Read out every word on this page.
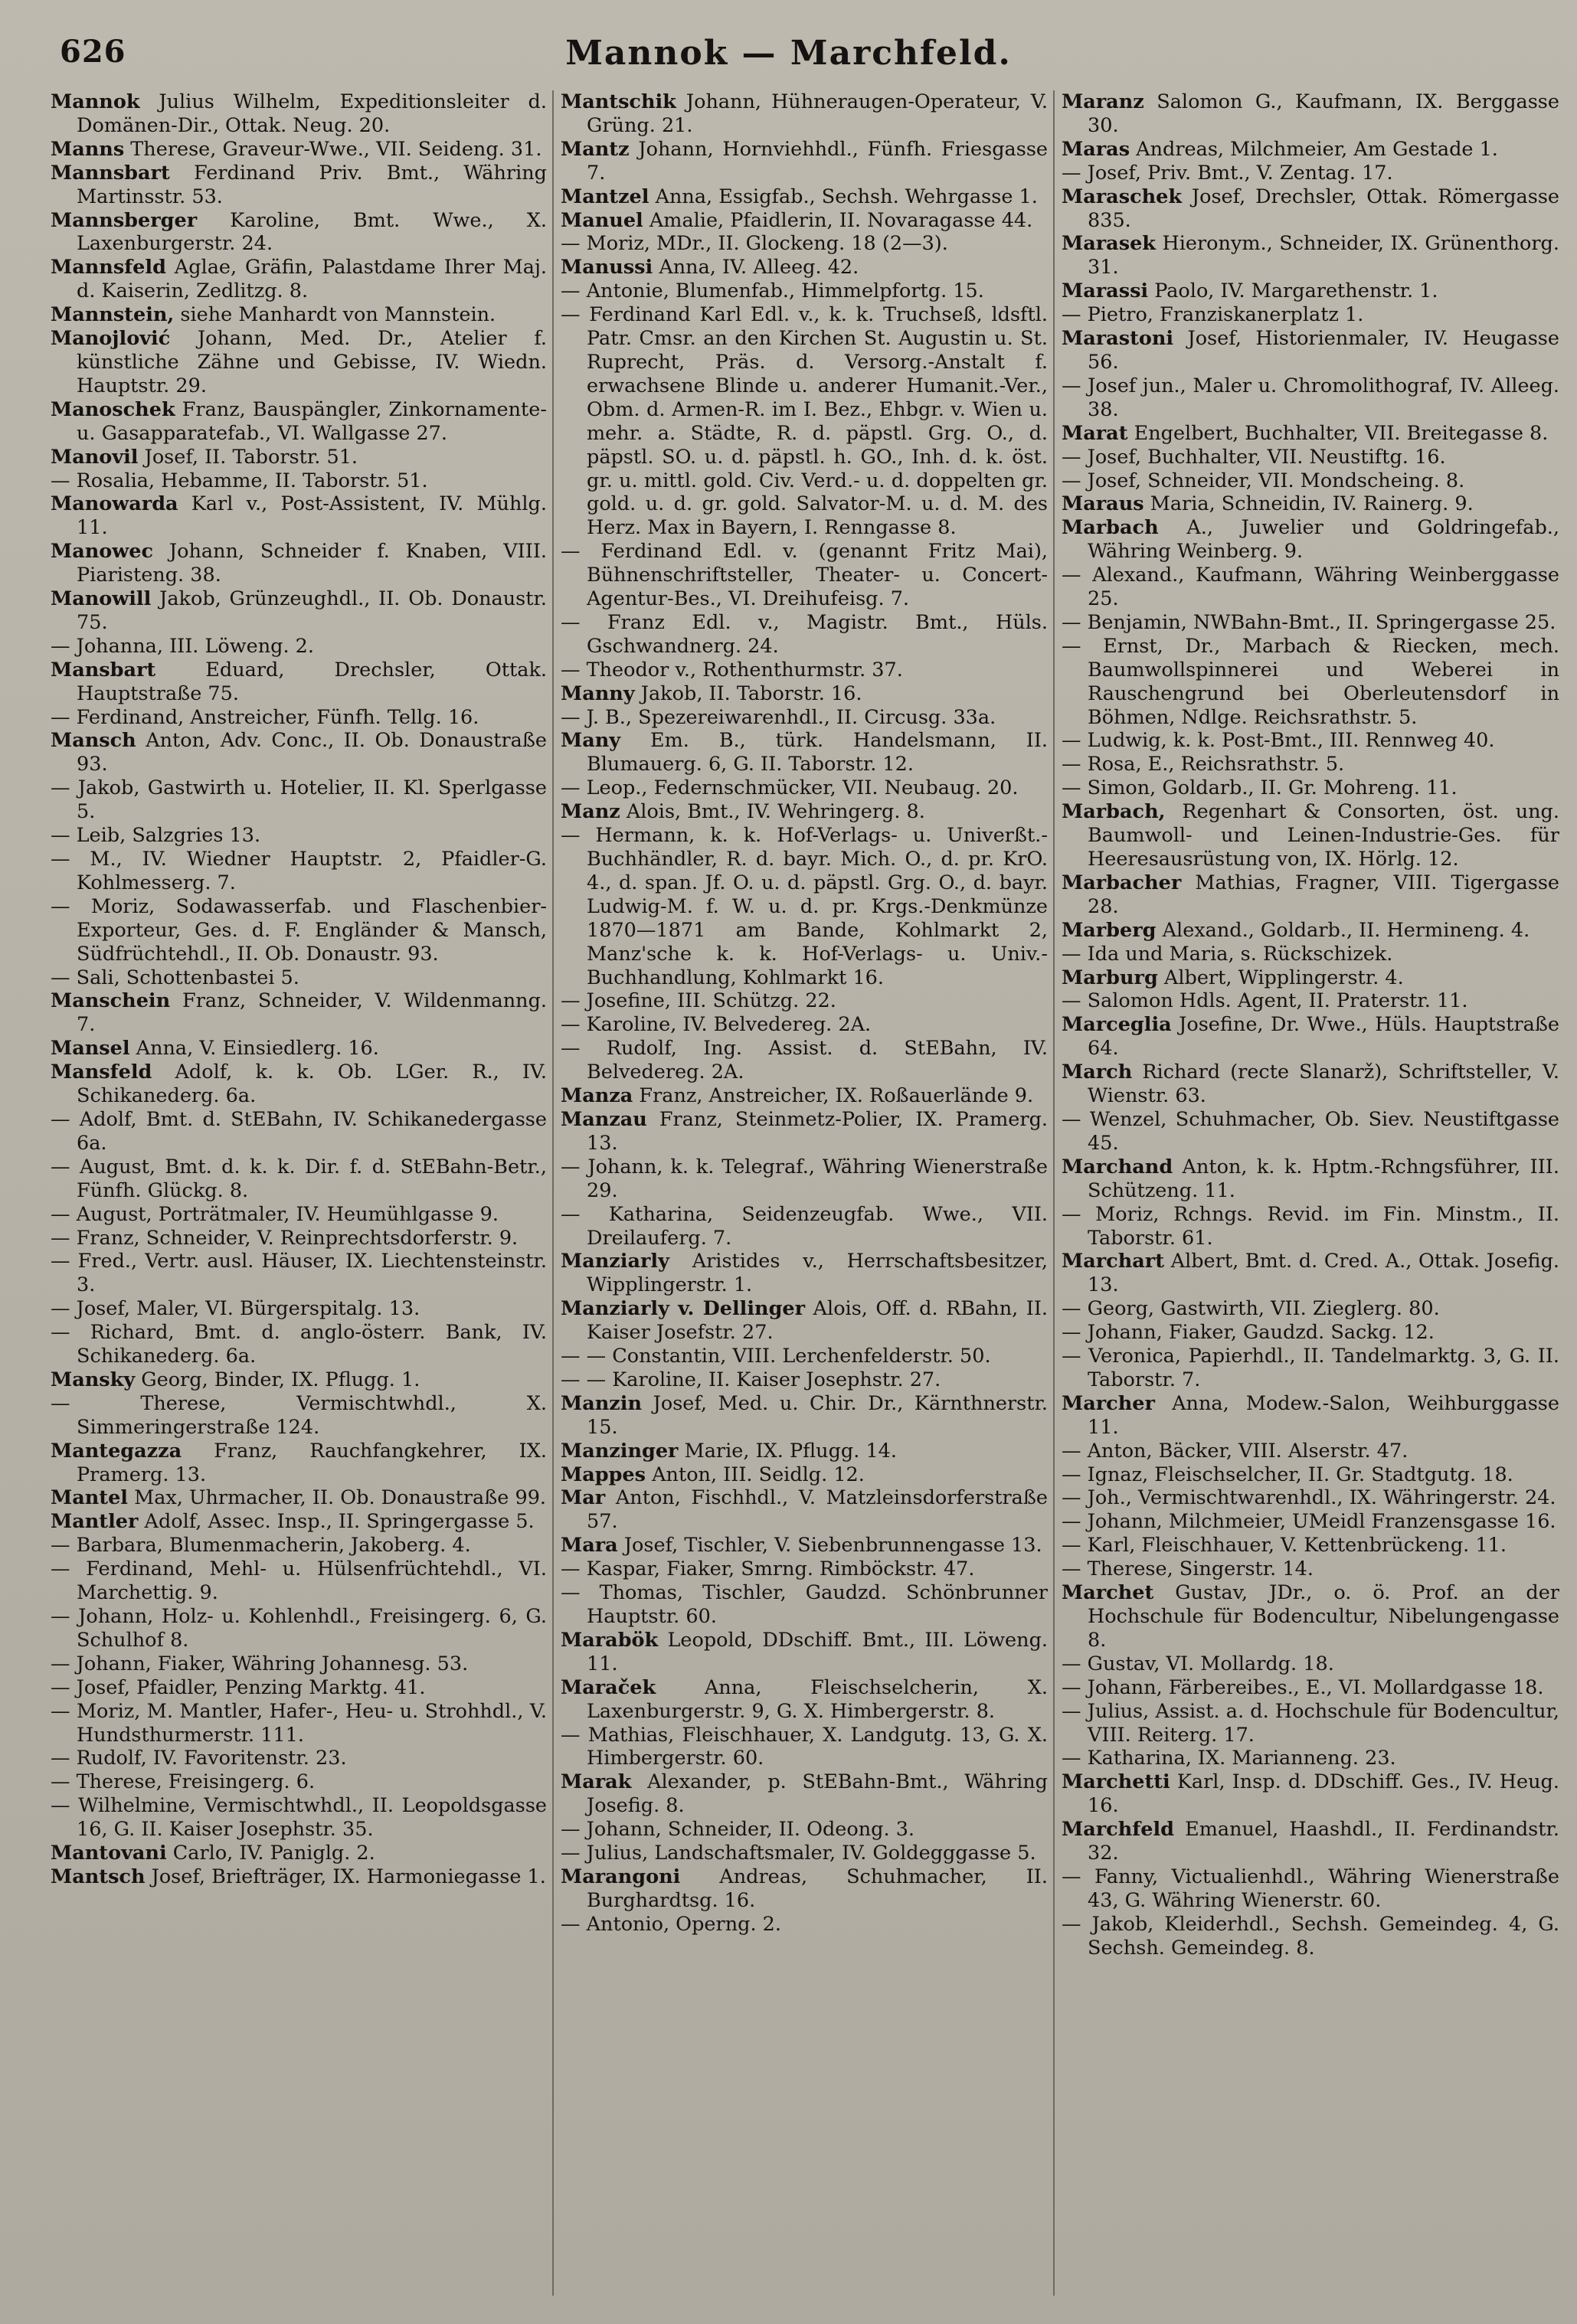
626	Mannok — Marchfeld.

Mannok Julius Wilhelm, Expeditionsleiter d. Domänen-Dir., Ottak. Neug. 20.

Manns Therese, Graveur-Wwe., VII. Seideng. 31.

Mannsbart Ferdinand Priv. Bmt., Währing Martinsstr. 53.

Mannsberger Karoline, Bmt. Wwe., X. Laxenburgerstr. 24.

Mannsfeld Aglae, Gräfin, Palastdame Ihrer Maj. d. Kaiserin, Zedlitzg. 8.

Mannstein, siehe Manhardt von Mannstein.

Manojlović Johann, Med. Dr., Atelier f. künstliche Zähne und Gebisse, IV. Wiedn. Hauptstr. 29.

Manoschek Franz, Bauspängler, Zinkornamente- u. Gasapparatefab., VI. Wallgasse 27.

Manovil Josef, II. Taborstr. 51.

— Rosalia, Hebamme, II. Taborstr. 51.

Manowarda Karl v., Post-Assistent, IV. Mühlg. 11.

Manowec Johann, Schneider f. Knaben, VIII. Piaristeng. 38.

Manowill Jakob, Grünzeughdl., II. Ob. Donaustr. 75.

— Johanna, III. Löweng. 2.

Mansbart Eduard, Drechsler, Ottak. Hauptstraße 75.

— Ferdinand, Anstreicher, Fünfh. Tellg. 16.

Mansch Anton, Adv. Conc., II. Ob. Donaustraße 93.

— Jakob, Gastwirth u. Hotelier, II. Kl. Sperlgasse 5.

— Leib, Salzgries 13.

— M., IV. Wiedner Hauptstr. 2, Pfaidler-G. Kohlmesserg. 7.

— Moriz, Sodawasserfab. und Flaschenbier-Exporteur, Ges. d. F. Engländer & Mansch, Südfrüchtehdl., II. Ob. Donaustr. 93.

— Sali, Schottenbastei 5.

Manschein Franz, Schneider, V. Wildenmanng. 7.

Mansel Anna, V. Einsiedlerg. 16.

Mansfeld Adolf, k. k. Ob. LGer. R., IV. Schikanederg. 6a.

— Adolf, Bmt. d. StEBahn, IV. Schikanedergasse 6a.

— August, Bmt. d. k. k. Dir. f. d. StEBahn-Betr., Fünfh. Glückg. 8.

— August, Porträtmaler, IV. Heumühlgasse 9.

— Franz, Schneider, V. Reinprechtsdorferstr. 9.

— Fred., Vertr. ausl. Häuser, IX. Liechtensteinstr. 3.

— Josef, Maler, VI. Bürgerspitalg. 13.

— Richard, Bmt. d. anglo-österr. Bank, IV. Schikanederg. 6a.

Mansky Georg, Binder, IX. Pflugg. 1.

— Therese, Vermischtwhdl., X. Simmeringerstraße 124.

Mantegazza Franz, Rauchfangkehrer, IX. Pramerg. 13.

Mantel Max, Uhrmacher, II. Ob. Donaustraße 99.

Mantler Adolf, Assec. Insp., II. Springergasse 5.

— Barbara, Blumenmacherin, Jakoberg. 4.

— Ferdinand, Mehl- u. Hülsenfrüchtehdl., VI. Marchettig. 9.

— Johann, Holz- u. Kohlenhdl., Freisingerg. 6, G. Schulhof 8.

— Johann, Fiaker, Währing Johannesg. 53.

— Josef, Pfaidler, Penzing Marktg. 41.

— Moriz, M. Mantler, Hafer-, Heu- u. Strohhdl., V. Hundsthurmerstr. 111.

— Rudolf, IV. Favoritenstr. 23.

— Therese, Freisingerg. 6.

— Wilhelmine, Vermischtwhdl., II. Leopoldsgasse 16, G. II. Kaiser Josephstr. 35.

Mantovani Carlo, IV. Paniglg. 2.

Mantsch Josef, Briefträger, IX. Harmoniegasse 1.

Mantschik Johann, Hühneraugen-Operateur, V. Grüng. 21.

Mantz Johann, Hornviehhdl., Fünfh. Friesgasse 7.

Mantzel Anna, Essigfab., Sechsh. Wehrgasse 1.

Manuel Amalie, Pfaidlerin, II. Novaragasse 44.

— Moriz, MDr., II. Glockeng. 18 (2—3).

Manussi Anna, IV. Alleeg. 42.

— Antonie, Blumenfab., Himmelpfortg. 15.

— Ferdinand Karl Edl. v., k. k. Truchseß, ldsftl. Patr. Cmsr. an den Kirchen St. Augustin u. St. Ruprecht, Präs. d. Versorg.-Anstalt f. erwachsene Blinde u. anderer Humanit.-Ver., Obm. d. Armen-R. im I. Bez., Ehbgr. v. Wien u. mehr. a. Städte, R. d. päpstl. Grg. O., d. päpstl. SO. u. d. päpstl. h. GO., Inh. d. k. öst. gr. u. mittl. gold. Civ. Verd.- u. d. doppelten gr. gold. u. d. gr. gold. Salvator-M. u. d. M. des Herz. Max in Bayern, I. Renngasse 8.

— Ferdinand Edl. v. (genannt Fritz Mai), Bühnenschriftsteller, Theater- u. Concert-Agentur-Bes., VI. Dreihufeisg. 7.

— Franz Edl. v., Magistr. Bmt., Hüls. Gschwandnerg. 24.

— Theodor v., Rothenthurmstr. 37.

Manny Jakob, II. Taborstr. 16.

— J. B., Spezereiwarenhdl., II. Circusg. 33a.

Many Em. B., türk. Handelsmann, II. Blumauerg. 6, G. II. Taborstr. 12.

— Leop., Federnschmücker, VII. Neubaug. 20.

Manz Alois, Bmt., IV. Wehringerg. 8.

— Hermann, k. k. Hof-Verlags- u. Univerßt.-Buchhändler, R. d. bayr. Mich. O., d. pr. KrO. 4., d. span. Jf. O. u. d. päpstl. Grg. O., d. bayr. Ludwig-M. f. W. u. d. pr. Krgs.-Denkmünze 1870—1871 am Bande, Kohlmarkt 2, Manz'sche k. k. Hof-Verlags- u. Univ.-Buchhandlung, Kohlmarkt 16.

— Josefine, III. Schützg. 22.

— Karoline, IV. Belvedereg. 2A.

— Rudolf, Ing. Assist. d. StEBahn, IV. Belvedereg. 2A.

Manza Franz, Anstreicher, IX. Roßauerlände 9.

Manzau Franz, Steinmetz-Polier, IX. Pramerg. 13.

— Johann, k. k. Telegraf., Währing Wienerstraße 29.

— Katharina, Seidenzeugfab. Wwe., VII. Dreilauferg. 7.

Manziarly Aristides v., Herrschaftsbesitzer, Wipplingerstr. 1.

Manziarly v. Dellinger Alois, Off. d. RBahn, II. Kaiser Josefstr. 27.

— — Constantin, VIII. Lerchenfelderstr. 50.

— — Karoline, II. Kaiser Josephstr. 27.

Manzin Josef, Med. u. Chir. Dr., Kärnthnerstr. 15.

Manzinger Marie, IX. Pflugg. 14.

Mappes Anton, III. Seidlg. 12.

Mar Anton, Fischhdl., V. Matzleinsdorferstraße 57.

Mara Josef, Tischler, V. Siebenbrunnengasse 13.

— Kaspar, Fiaker, Smrng. Rimböckstr. 47.

— Thomas, Tischler, Gaudzd. Schönbrunner Hauptstr. 60.

Marabök Leopold, DDschiff. Bmt., III. Löweng. 11.

Maraček Anna, Fleischselcherin, X. Laxenburgerstr. 9, G. X. Himbergerstr. 8.

— Mathias, Fleischhauer, X. Landgutg. 13, G. X. Himbergerstr. 60.

Marak Alexander, p. StEBahn-Bmt., Währing Josefig. 8.

— Johann, Schneider, II. Odeong. 3.

— Julius, Landschaftsmaler, IV. Goldegggasse 5.

Marangoni Andreas, Schuhmacher, II. Burghardtsg. 16.

— Antonio, Operng. 2.

Maranz Salomon G., Kaufmann, IX. Berggasse 30.

Maras Andreas, Milchmeier, Am Gestade 1.

— Josef, Priv. Bmt., V. Zentag. 17.

Maraschek Josef, Drechsler, Ottak. Römergasse 835.

Marasek Hieronym., Schneider, IX. Grünenthorg. 31.

Marassi Paolo, IV. Margarethenstr. 1.

— Pietro, Franziskanerplatz 1.

Marastoni Josef, Historienmaler, IV. Heugasse 56.

— Josef jun., Maler u. Chromolithograf, IV. Alleeg. 38.

Marat Engelbert, Buchhalter, VII. Breitegasse 8.

— Josef, Buchhalter, VII. Neustiftg. 16.

— Josef, Schneider, VII. Mondscheing. 8.

Maraus Maria, Schneidin, IV. Rainerg. 9.

Marbach A., Juwelier und Goldringefab., Währing Weinberg. 9.

— Alexand., Kaufmann, Währing Weinberggasse 25.

— Benjamin, NWBahn-Bmt., II. Springergasse 25.

— Ernst, Dr., Marbach & Riecken, mech. Baumwollspinnerei und Weberei in Rauschengrund bei Oberleutensdorf in Böhmen, Ndlge. Reichsrathstr. 5.

— Ludwig, k. k. Post-Bmt., III. Rennweg 40.

— Rosa, E., Reichsrathstr. 5.

— Simon, Goldarb., II. Gr. Mohreng. 11.

Marbach, Regenhart & Consorten, öst. ung. Baumwoll- und Leinen-Industrie-Ges. für Heeresausrüstung von, IX. Hörlg. 12.

Marbacher Mathias, Fragner, VIII. Tigergasse 28.

Marberg Alexand., Goldarb., II. Hermineng. 4.

— Ida und Maria, s. Rückschizek.

Marburg Albert, Wipplingerstr. 4.

— Salomon Hdls. Agent, II. Praterstr. 11.

Marceglia Josefine, Dr. Wwe., Hüls. Hauptstraße 64.

March Richard (recte Slanarž), Schriftsteller, V. Wienstr. 63.

— Wenzel, Schuhmacher, Ob. Siev. Neustiftgasse 45.

Marchand Anton, k. k. Hptm.-Rchngsführer, III. Schützeng. 11.

— Moriz, Rchngs. Revid. im Fin. Minstm., II. Taborstr. 61.

Marchart Albert, Bmt. d. Cred. A., Ottak. Josefig. 13.

— Georg, Gastwirth, VII. Zieglerg. 80.

— Johann, Fiaker, Gaudzd. Sackg. 12.

— Veronica, Papierhdl., II. Tandelmarktg. 3, G. II. Taborstr. 7.

Marcher Anna, Modew.-Salon, Weihburggasse 11.

— Anton, Bäcker, VIII. Alserstr. 47.

— Ignaz, Fleischselcher, II. Gr. Stadtgutg. 18.

— Joh., Vermischtwarenhdl., IX. Währingerstr. 24.

— Johann, Milchmeier, UMeidl Franzensgasse 16.

— Karl, Fleischhauer, V. Kettenbrückeng. 11.

— Therese, Singerstr. 14.

Marchet Gustav, JDr., o. ö. Prof. an der Hochschule für Bodencultur, Nibelungengasse 8.

— Gustav, VI. Mollardg. 18.

— Johann, Färbereibes., E., VI. Mollardgasse 18.

— Julius, Assist. a. d. Hochschule für Bodencultur, VIII. Reiterg. 17.

— Katharina, IX. Marianneng. 23.

Marchetti Karl, Insp. d. DDschiff. Ges., IV. Heug. 16.

Marchfeld Emanuel, Haashdl., II. Ferdinandstr. 32.

— Fanny, Victualienhdl., Währing Wienerstraße 43, G. Währing Wienerstr. 60.

— Jakob, Kleiderhdl., Sechsh. Gemeindeg. 4, G. Sechsh. Gemeindeg. 8.
